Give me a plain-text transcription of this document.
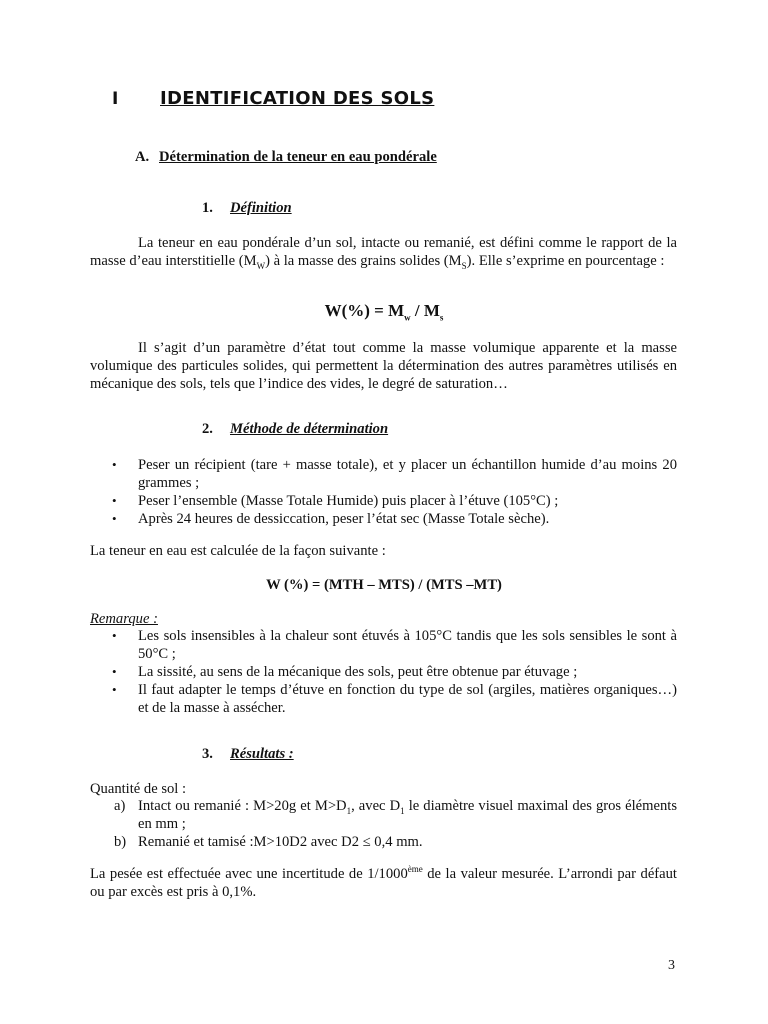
I IDENTIFICATION DES SOLS
A. Détermination de la teneur en eau pondérale
1. Définition

La teneur en eau pondérale d’un sol, intacte ou remanié, est défini comme le rapport de la masse d’eau interstitielle $(M_W)$ à la masse des grains solides $(M_S)$. Elle s’exprime en pourcentage :

$W(\%) = M_w / M_s$

Il s’agit d’un paramètre d’état tout comme la masse volumique apparente et la masse volumique des particules solides, qui permettent la détermination des autres paramètres utilisés en mécanique des sols, tels que l’indice des vides, le degré de saturation…

2. Méthode de détermination
• Peser un récipient (tare + masse totale), et y placer un échantillon humide d’au moins 20 grammes ;
• Peser l’ensemble (Masse Totale Humide) puis placer à l’étuve (105°C) ;
• Après 24 heures de dessiccation, peser l’état sec (Masse Totale sèche).

La teneur en eau est calculée de la façon suivante :

W (%) = (MTH – MTS) / (MTS –MT)
Remarque :
• Les sols insensibles à la chaleur sont étuvés à 105°C tandis que les sols sensibles le sont à 50°C ;
• La sissité, au sens de la mécanique des sols, peut être obtenue par étuvage ;
• Il faut adapter le temps d’étuve en fonction du type de sol (argiles, matières organiques…) et de la masse à assécher.
3. Résultats :

Quantité de sol :

a) Intact ou remanié : M>20g et $M>D_1$, avec $D_1$ le diamètre visuel maximal des gros éléments en mm ;
b) Remanié et tamisé :M>10D2 avec D2 ≤ 0,4 mm.

La pesée est effectuée avec une incertitude de 1/1000ème de la valeur mesurée. L’arrondi par défaut ou par excès est pris à 0,1%.

3
